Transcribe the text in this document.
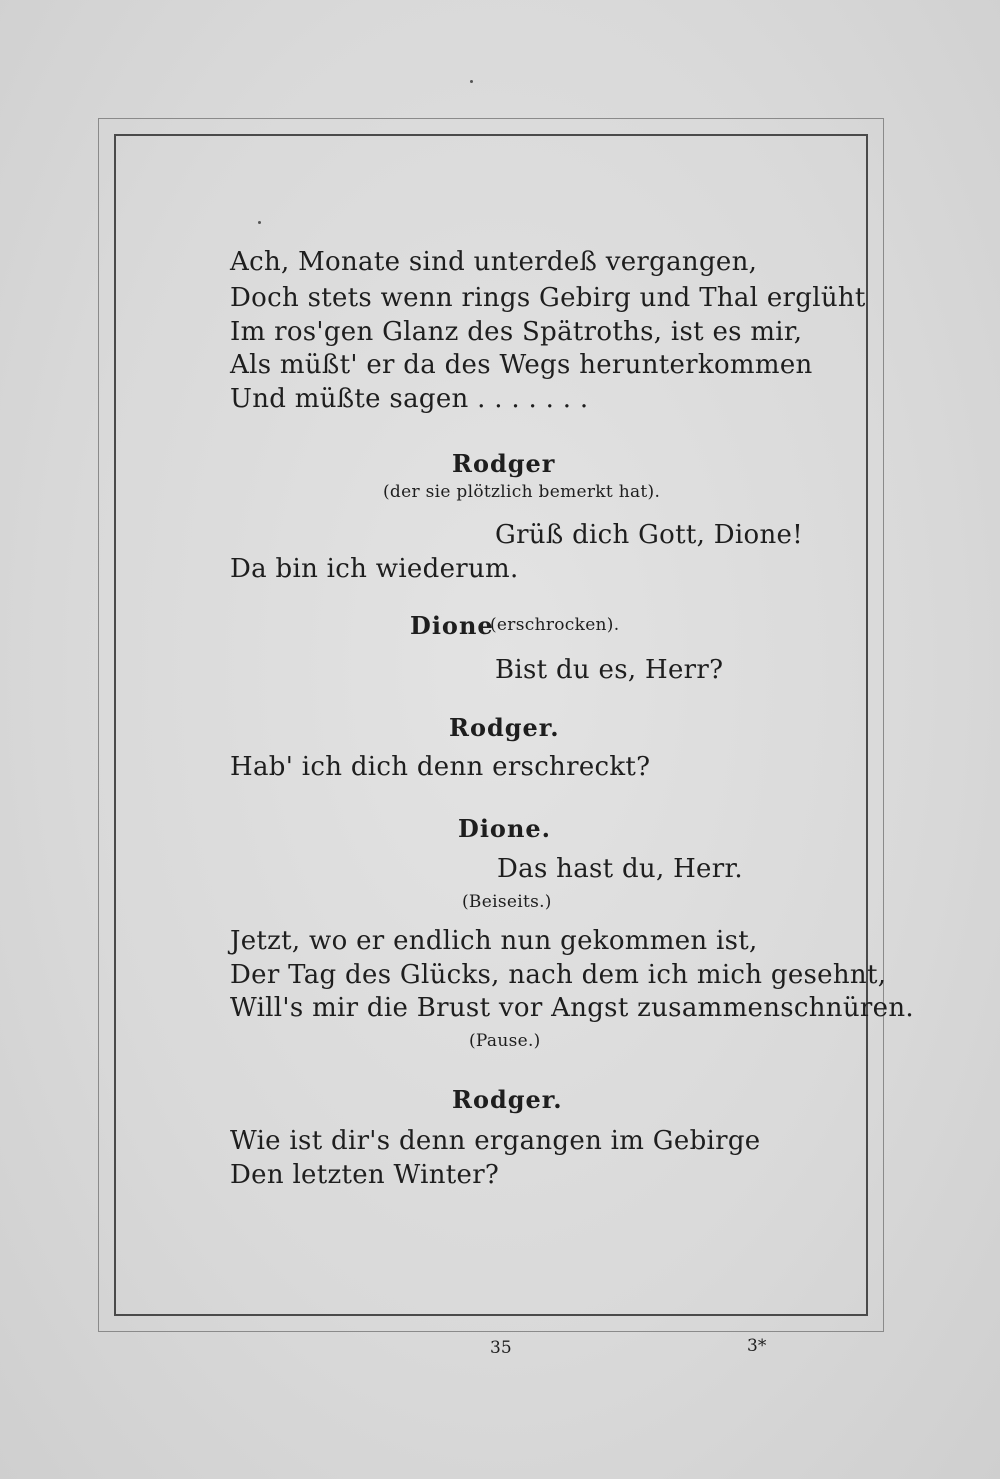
Ach, Monate sind unterdeß vergangen,
Doch stets wenn rings Gebirg und Thal erglüht
Im ros'gen Glanz des Spätroths, ist es mir,
Als müßt' er da des Wegs herunterkommen
Und müßte sagen . . . . . . .
Rodger
(der sie plötzlich bemerkt hat).
Grüß dich Gott, Dione!
Da bin ich wiederum.
Dione
(erschrocken).
Bist du es, Herr?
Rodger.
Hab' ich dich denn erschreckt?
Dione.
Das hast du, Herr.
(Beiseits.)
Jetzt, wo er endlich nun gekommen ist,
Der Tag des Glücks, nach dem ich mich gesehnt,
Will's mir die Brust vor Angst zusammenschnüren.
(Pause.)
Rodger.
Wie ist dir's denn ergangen im Gebirge
Den letzten Winter?
35	3*
